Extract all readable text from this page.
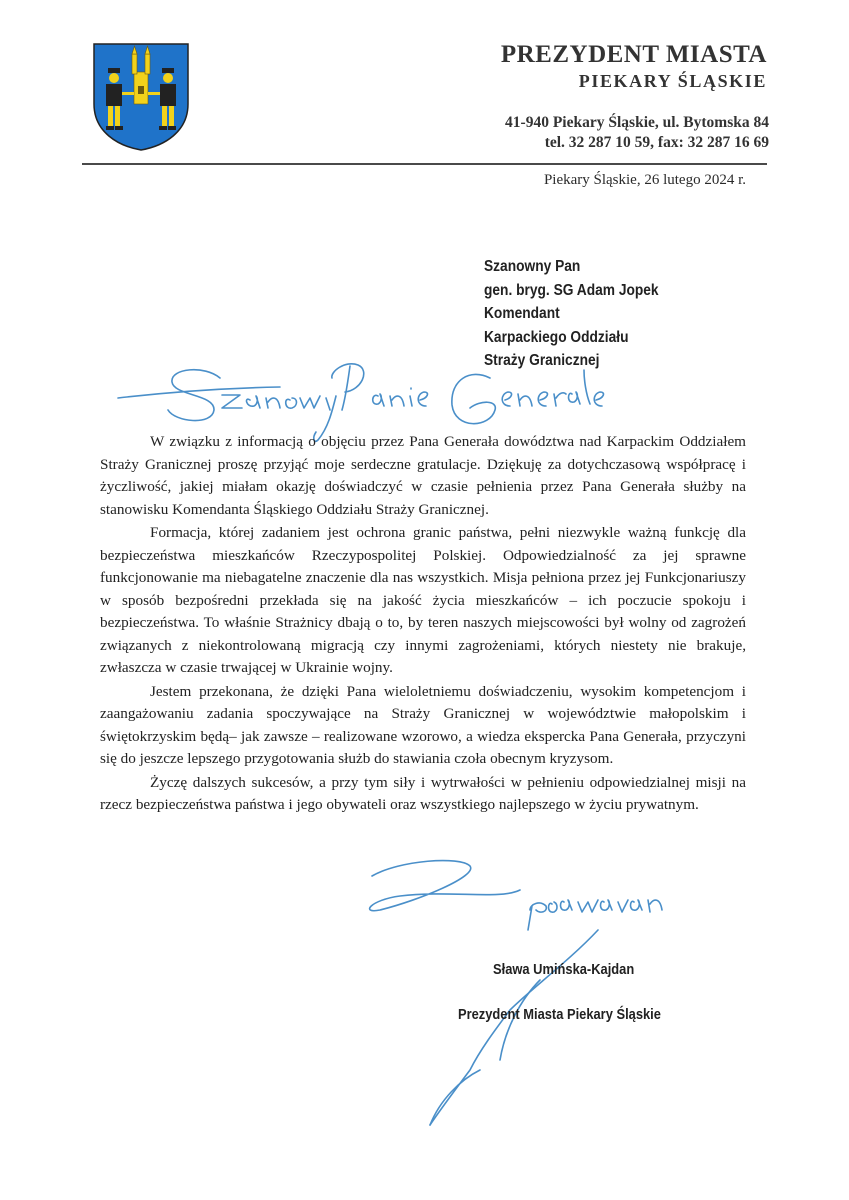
PREZYDENT MIASTA
PIEKARY ŚLĄSKIE
41-940 Piekary Śląskie, ul. Bytomska 84
tel. 32 287 10 59, fax: 32 287 16 69
Piekary Śląskie, 26 lutego 2024 r.
Szanowny Pan
gen. bryg. SG Adam Jopek
Komendant
Karpackiego Oddziału
Straży Granicznej

W związku z informacją o objęciu przez Pana Generała dowództwa nad Karpackim Oddziałem Straży Granicznej proszę przyjąć moje serdeczne gratulacje. Dziękuję za dotychczasową współpracę i życzliwość, jakiej miałam okazję doświadczyć w czasie pełnienia przez Pana Generała służby na stanowisku Komendanta Śląskiego Oddziału Straży Granicznej.

Formacja, której zadaniem jest ochrona granic państwa, pełni niezwykle ważną funkcję dla bezpieczeństwa mieszkańców Rzeczypospolitej Polskiej. Odpowiedzialność za jej sprawne funkcjonowanie ma niebagatelne znaczenie dla nas wszystkich. Misja pełniona przez jej Funkcjonariuszy w sposób bezpośredni przekłada się na jakość życia mieszkańców – ich poczucie spokoju i bezpieczeństwa. To właśnie Strażnicy dbają o to, by teren naszych miejscowości był wolny od zagrożeń związanych z niekontrolowaną migracją czy innymi zagrożeniami, których niestety nie brakuje, zwłaszcza w czasie trwającej w Ukrainie wojny.

Jestem przekonana, że dzięki Pana wieloletniemu doświadczeniu, wysokim kompetencjom i zaangażowaniu zadania spoczywające na Straży Granicznej w województwie małopolskim i świętokrzyskim będą– jak zawsze – realizowane wzorowo, a wiedza ekspercka Pana Generała, przyczyni się do jeszcze lepszego przygotowania służb do stawiania czoła obecnym kryzysom.

Życzę dalszych sukcesów, a przy tym siły i wytrwałości w pełnieniu odpowiedzialnej misji na rzecz bezpieczeństwa państwa i jego obywateli oraz wszystkiego najlepszego w życiu prywatnym.

Sława Umińska-Kajdan
Prezydent Miasta Piekary Śląskie
